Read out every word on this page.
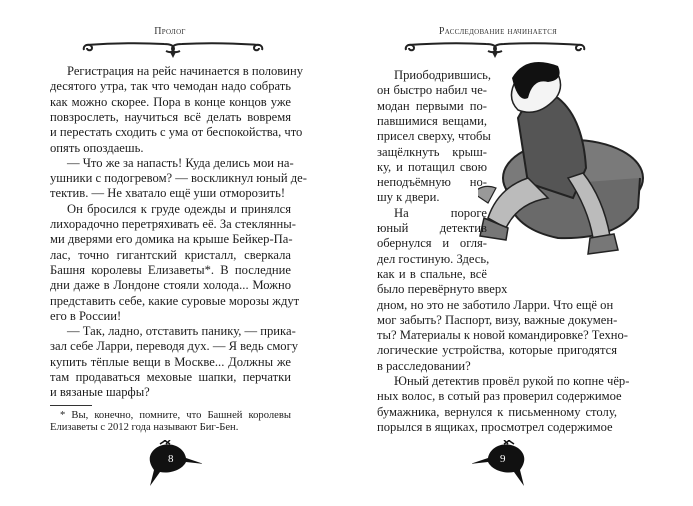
Пролог
Регистрация на рейс начинается в половину
десятого утра, так что чемодан надо собрать
как можно скорее. Пора в конце концов уже
повзрослеть, научиться всё делать вовремя
и перестать сходить с ума от беспокойства, что
опять опоздаешь.
— Что же за напасть! Куда делись мои на-
ушники с подогревом? — воскликнул юный де-
тектив. — Не хватало ещё уши отморозить!
Он бросился к груде одежды и принялся
лихорадочно перетряхивать её. За стеклянны-
ми дверями его домика на крыше Бейкер-Па-
лас, точно гигантский кристалл, сверкала
Башня королевы Елизаветы*. В последние
дни даже в Лондоне стояли холода... Можно
представить себе, какие суровые морозы ждут
его в России!
— Так, ладно, отставить панику, — прика-
зал себе Ларри, переводя дух. — Я ведь смогу
купить тёплые вещи в Москве... Должны же
там продаваться меховые шапки, перчатки
и вязаные шарфы?
* Вы, конечно, помните, что Башней королевы
Елизаветы с 2012 года называют Биг-Бен.
8
Расследование начинается
Приободрившись,
он быстро набил че-
модан первыми по-
павшимися вещами,
присел сверху, чтобы
защёлкнуть крыш-
ку, и потащил свою
неподъёмную но-
шу к двери.
На пороге
юный детектив
обернулся и огля-
дел гостиную. Здесь,
как и в спальне, всё
было перевёрнуто вверх
дном, но это не заботило Ларри. Что ещё он
мог забыть? Паспорт, визу, важные докумен-
ты? Материалы к новой командировке? Техно-
логические устройства, которые пригодятся
в расследовании?
Юный детектив провёл рукой по копне чёр-
ных волос, в сотый раз проверил содержимое
бумажника, вернулся к письменному столу,
порылся в ящиках, просмотрел содержимое
9
